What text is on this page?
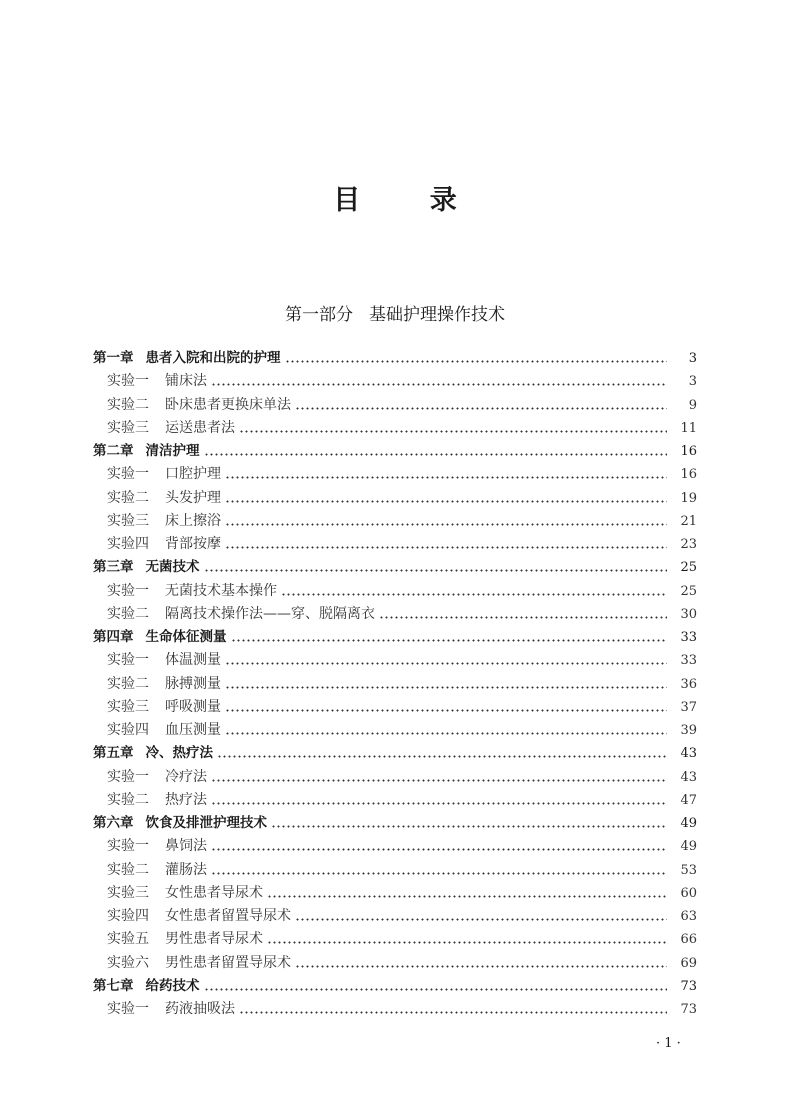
目 录
第一部分 基础护理操作技术
第一章 患者入院和出院的护理	3
实验一 铺床法	3
实验二 卧床患者更换床单法	9
实验三 运送患者法	11
第二章 清洁护理	16
实验一 口腔护理	16
实验二 头发护理	19
实验三 床上擦浴	21
实验四 背部按摩	23
第三章 无菌技术	25
实验一 无菌技术基本操作	25
实验二 隔离技术操作法——穿、脱隔离衣	30
第四章 生命体征测量	33
实验一 体温测量	33
实验二 脉搏测量	36
实验三 呼吸测量	37
实验四 血压测量	39
第五章 冷、热疗法	43
实验一 冷疗法	43
实验二 热疗法	47
第六章 饮食及排泄护理技术	49
实验一 鼻饲法	49
实验二 灌肠法	53
实验三 女性患者导尿术	60
实验四 女性患者留置导尿术	63
实验五 男性患者导尿术	66
实验六 男性患者留置导尿术	69
第七章 给药技术	73
实验一 药液抽吸法	73
· 1 ·
